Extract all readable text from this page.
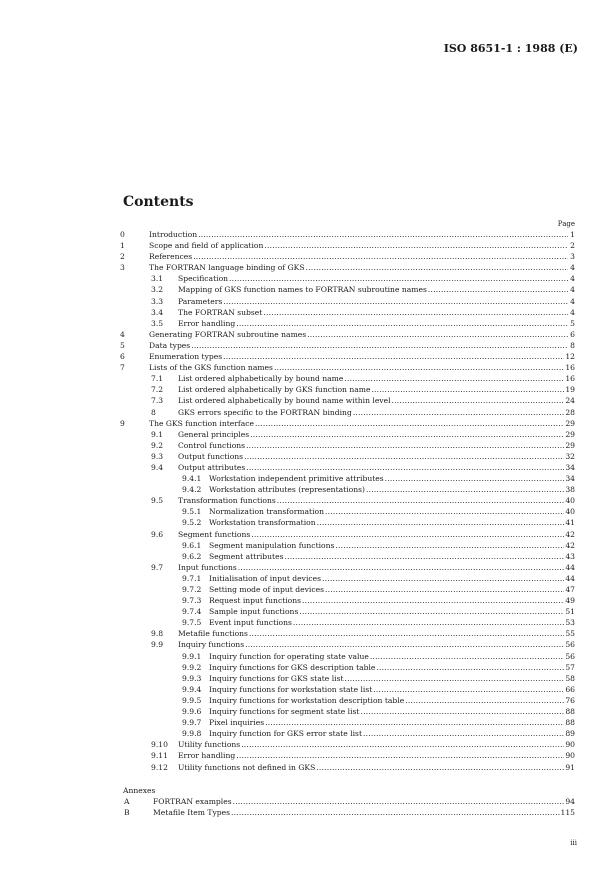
ISO 8651-1 : 1988 (E)
Contents
Page
0	Introduction .....	1
1	Scope and field of application .....	2
2	References .....	3
3	The FORTRAN language binding of GKS .....	4
3.1	Specification .....	4
3.2	Mapping of GKS function names to FORTRAN subroutine names .....	4
3.3	Parameters .....	4
3.4	The FORTRAN subset .....	4
3.5	Error handling .....	5
4	Generating FORTRAN subroutine names .....	6
5	Data types .....	8
6	Enumeration types .....	12
7	Lists of the GKS function names .....	16
7.1	List ordered alphabetically by bound name .....	16
7.2	List ordered alphabetically by GKS function name .....	19
7.3	List ordered alphabetically by bound name within level .....	24
8	GKS errors specific to the FORTRAN binding .....	28
9	The GKS function interface .....	29
9.1	General principles .....	29
9.2	Control functions .....	29
9.3	Output functions .....	32
9.4	Output attributes .....	34
9.4.1	Workstation independent primitive attributes .....	34
9.4.2	Workstation attributes (representations) .....	38
9.5	Transformation functions .....	40
9.5.1	Normalization transformation .....	40
9.5.2	Workstation transformation .....	41
9.6	Segment functions .....	42
9.6.1	Segment manipulation functions .....	42
9.6.2	Segment attributes .....	43
9.7	Input functions .....	44
9.7.1	Initialisation of input devices .....	44
9.7.2	Setting mode of input devices .....	47
9.7.3	Request input functions .....	49
9.7.4	Sample input functions .....	51
9.7.5	Event input functions .....	53
9.8	Metafile functions .....	55
9.9	Inquiry functions .....	56
9.9.1	Inquiry function for operating state value .....	56
9.9.2	Inquiry functions for GKS description table .....	57
9.9.3	Inquiry functions for GKS state list .....	58
9.9.4	Inquiry functions for workstation state list .....	66
9.9.5	Inquiry functions for workstation description table .....	76
9.9.6	Inquiry functions for segment state list .....	88
9.9.7	Pixel inquiries .....	88
9.9.8	Inquiry function for GKS error state list .....	89
9.10	Utility functions .....	90
9.11	Error handling .....	90
9.12	Utility functions not defined in GKS .....	91
Annexes
A	FORTRAN examples .....	94
B	Metafile Item Types .....	115
iii
